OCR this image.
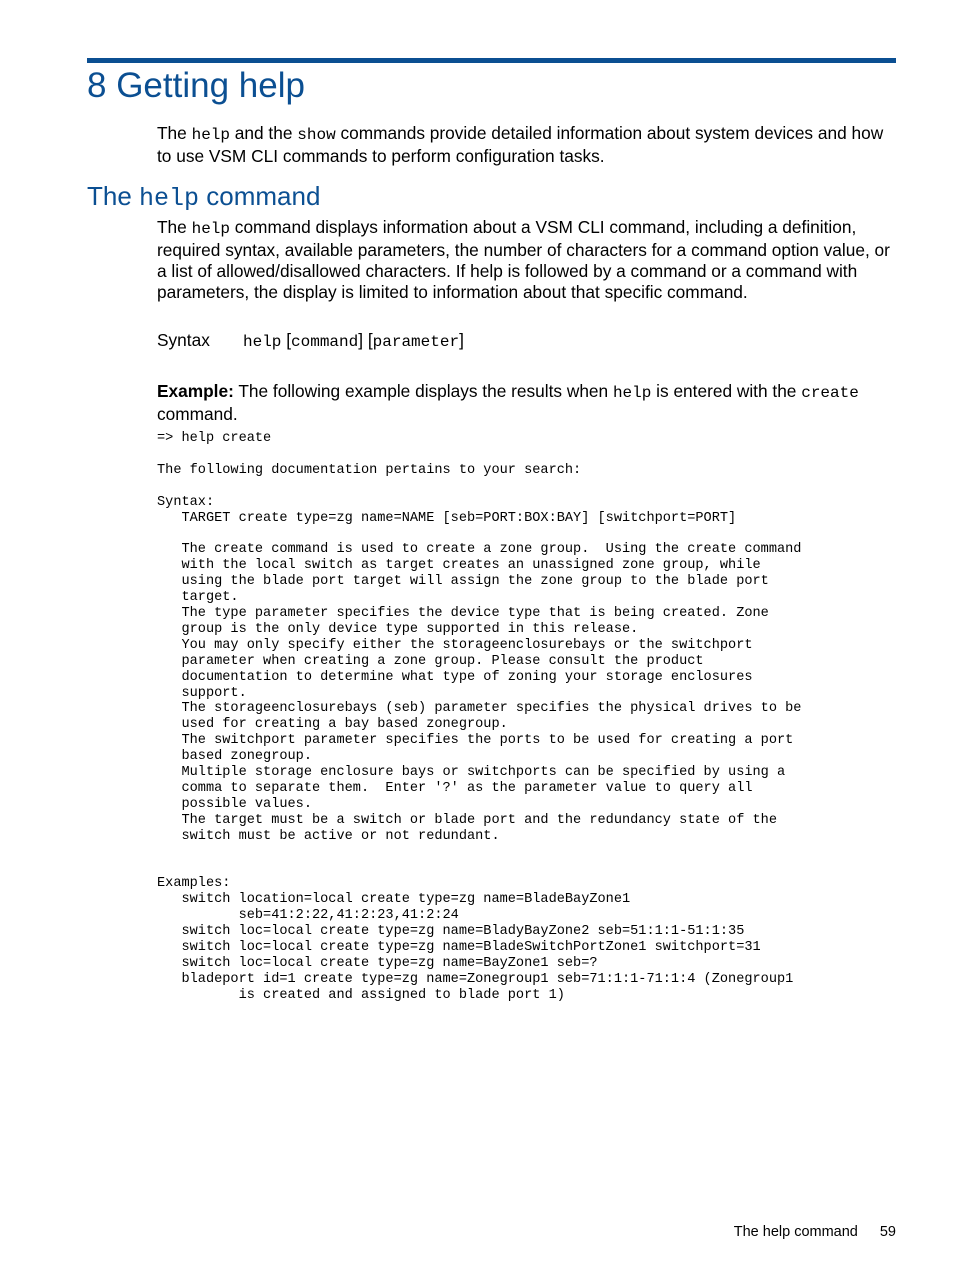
8 Getting help

The help and the show commands provide detailed information about system devices and how to use VSM CLI commands to perform configuration tasks.

The help command

The help command displays information about a VSM CLI command, including a definition, required syntax, available parameters, the number of characters for a command option value, or a list of allowed/disallowed characters. If help is followed by a command or a command with parameters, the display is limited to information about that specific command.

Syntax help [command] [parameter]

Example: The following example displays the results when help is entered with the create command.

=> help create

The following documentation pertains to your search:

Syntax:
TARGET create type=zg name=NAME [seb=PORT:BOX:BAY] [switchport=PORT]

The create command is used to create a zone group.  Using the create command
with the local switch as target creates an unassigned zone group, while
using the blade port target will assign the zone group to the blade port
target.
The type parameter specifies the device type that is being created. Zone
group is the only device type supported in this release.
You may only specify either the storageenclosurebays or the switchport
parameter when creating a zone group. Please consult the product
documentation to determine what type of zoning your storage enclosures
support.
The storageenclosurebays (seb) parameter specifies the physical drives to be
used for creating a bay based zonegroup.
The switchport parameter specifies the ports to be used for creating a port
based zonegroup.
Multiple storage enclosure bays or switchports can be specified by using a
comma to separate them.  Enter '?' as the parameter value to query all
possible values.
The target must be a switch or blade port and the redundancy state of the
switch must be active or not redundant.

Examples:
switch location=local create type=zg name=BladeBayZone1
seb=41:2:22,41:2:23,41:2:24
switch loc=local create type=zg name=BladyBayZone2 seb=51:1:1-51:1:35
switch loc=local create type=zg name=BladeSwitchPortZone1 switchport=31
switch loc=local create type=zg name=BayZone1 seb=?
bladeport id=1 create type=zg name=Zonegroup1 seb=71:1:1-71:1:4 (Zonegroup1
is created and assigned to blade port 1)

The help command 59
